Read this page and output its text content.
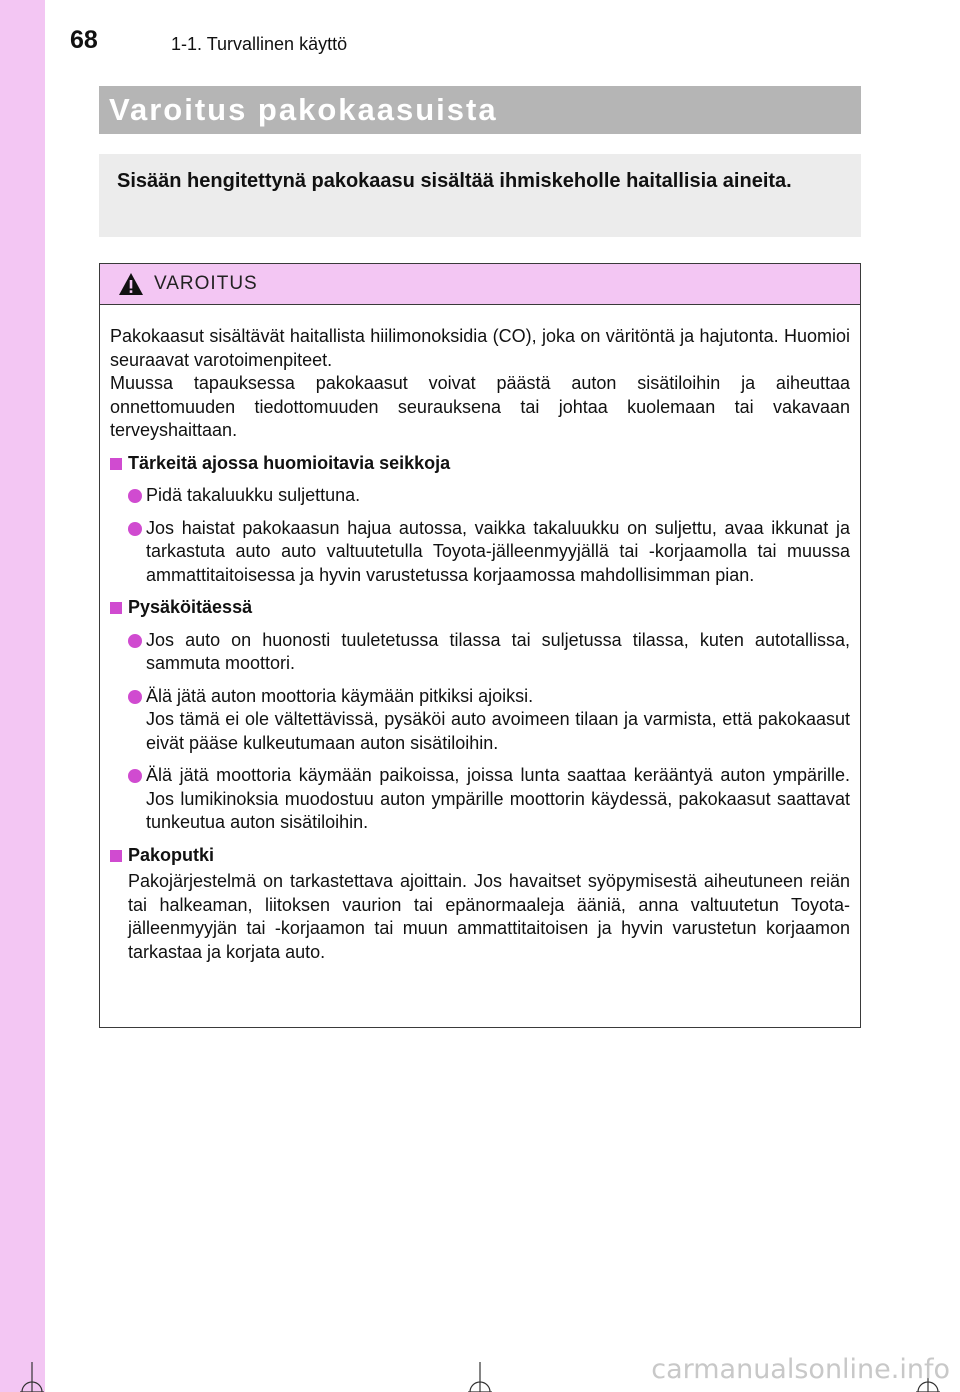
68	1-1. Turvallinen käyttö
Varoitus pakokaasuista

Sisään hengitettynä pakokaasu sisältää ihmiskeholle haitallisia aineita.

VAROITUS

Pakokaasut sisältävät haitallista hiilimonoksidia (CO), joka on väritöntä ja hajutonta. Huomioi seuraavat varotoimenpiteet.

Muussa tapauksessa pakokaasut voivat päästä auton sisätiloihin ja aiheuttaa onnettomuuden tiedottomuuden seurauksena tai johtaa kuolemaan tai vakavaan terveyshaittaan.

Tärkeitä ajossa huomioitavia seikkoja
Pidä takaluukku suljettuna.
Jos haistat pakokaasun hajua autossa, vaikka takaluukku on suljettu, avaa ikkunat ja tarkastuta auto auto valtuutetulla Toyota-jälleenmyyjällä tai -korjaamolla tai muussa ammattitaitoisessa ja hyvin varustetussa korjaamossa mahdollisimman pian.
Pysäköitäessä
Jos auto on huonosti tuuletetussa tilassa tai suljetussa tilassa, kuten autotallissa, sammuta moottori.
Älä jätä auton moottoria käymään pitkiksi ajoiksi.
Jos tämä ei ole vältettävissä, pysäköi auto avoimeen tilaan ja varmista, että pakokaasut eivät pääse kulkeutumaan auton sisätiloihin.
Älä jätä moottoria käymään paikoissa, joissa lunta saattaa kerääntyä auton ympärille. Jos lumikinoksia muodostuu auton ympärille moottorin käydessä, pakokaasut saattavat tunkeutua auton sisätiloihin.
Pakoputki

Pakojärjestelmä on tarkastettava ajoittain. Jos havaitset syöpymisestä aiheutuneen reiän tai halkeaman, liitoksen vaurion tai epänormaaleja ääniä, anna valtuutetun Toyota-jälleenmyyjän tai -korjaamon tai muun ammattitaitoisen ja hyvin varustetun korjaamon tarkastaa ja korjata auto.

carmanualsonline.info
